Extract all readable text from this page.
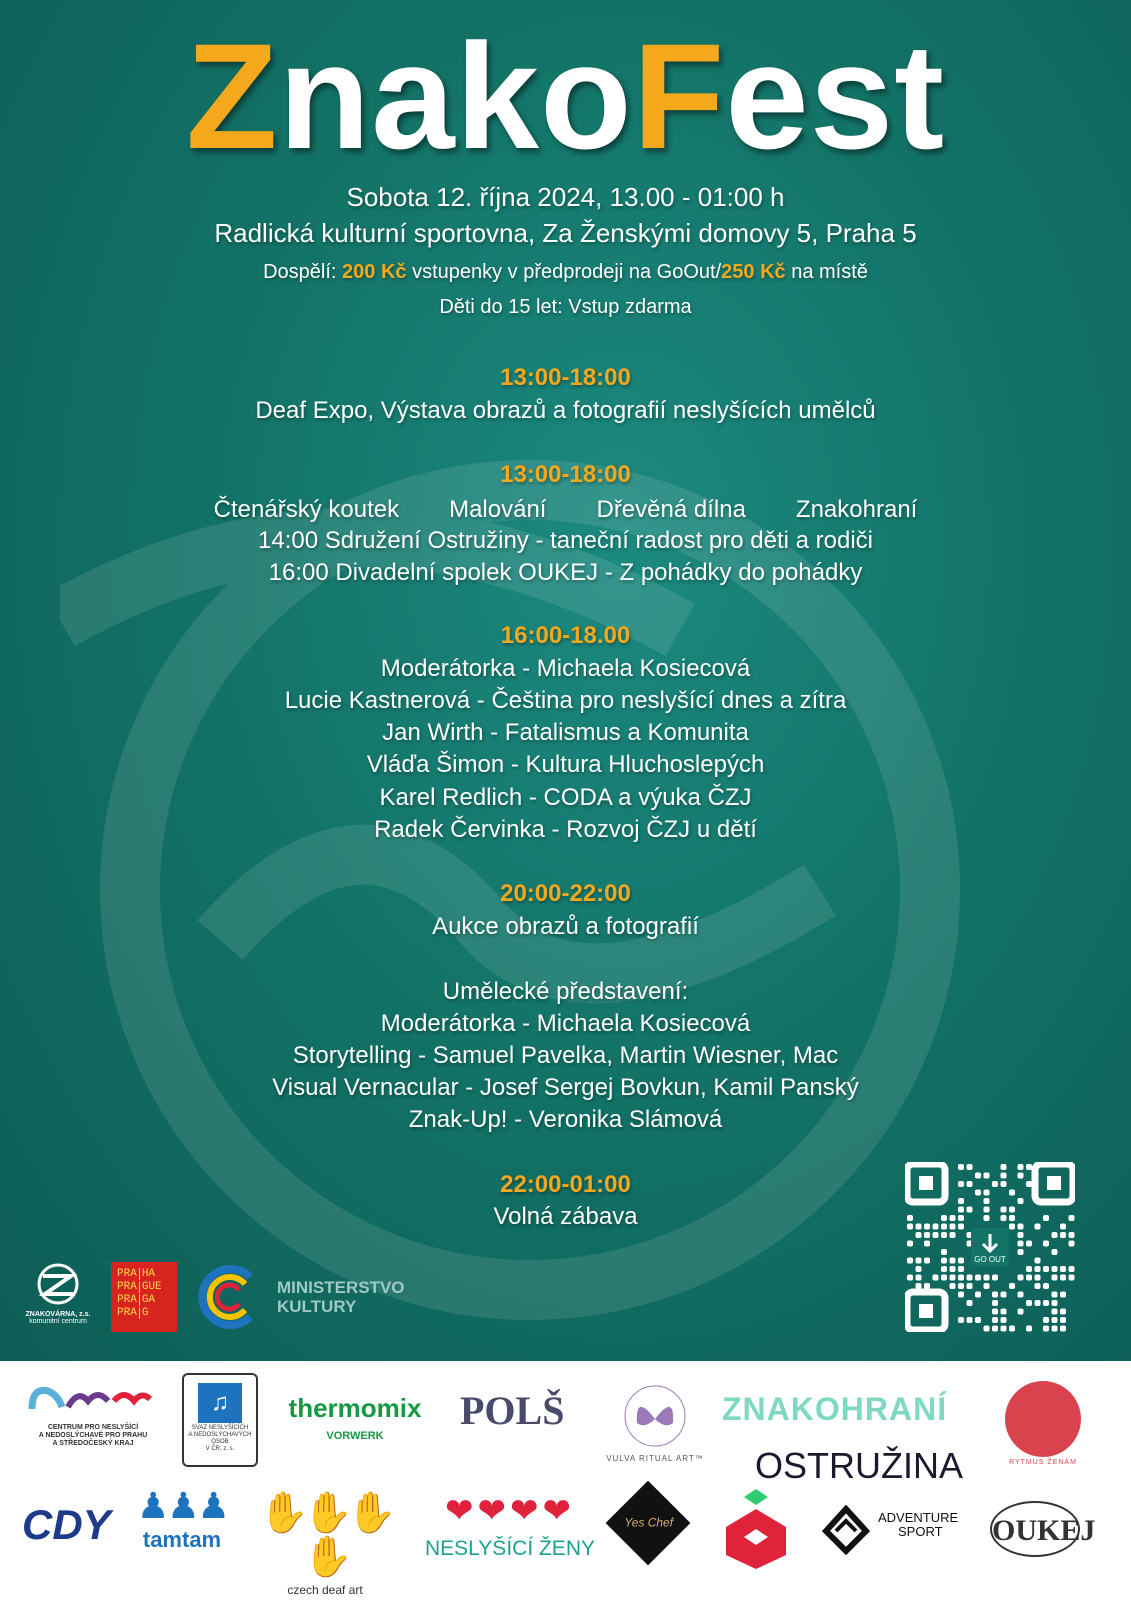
ZnakoFest
Sobota 12. října 2024, 13.00 - 01:00 h
Radlická kulturní sportovna, Za Ženskými domovy 5, Praha 5
Dospělí: 200 Kč vstupenky v předprodeji na GoOut/250 Kč na místě
Děti do 15 let: Vstup zdarma
13:00-18:00
Deaf Expo, Výstava obrazů a fotografií neslyšících umělců
13:00-18:00
Čtenářský koutek Malování Dřevěná dílna Znakohraní
14:00 Sdružení Ostružiny - taneční radost pro děti a rodiči
16:00 Divadelní spolek OUKEJ - Z pohádky do pohádky
16:00-18.00
Moderátorka - Michaela Kosiecová
Lucie Kastnerová - Čeština pro neslyšící dnes a zítra
Jan Wirth - Fatalismus a Komunita
Vláďa Šimon - Kultura Hluchoslepých
Karel Redlich - CODA a výuka ČZJ
Radek Červinka - Rozvoj ČZJ u dětí
20:00-22:00
Aukce obrazů a fotografií
Umělecké představení:
Moderátorka - Michaela Kosiecová
Storytelling - Samuel Pavelka, Martin Wiesner, Mac
Visual Vernacular - Josef Sergej Bovkun, Kamil Panský
Znak-Up! - Veronika Slámová
22:00-01:00
Volná zábava
ZNAKOVÁRNA, z.s.
komunitní centrum
PRA HA
PRA GUE
PRA GA
PRA G
MINISTERSTVO
KULTURY
GO OUT
CENTRUM PRO NESLYŠÍCÍ
A NEDOSLÝCHAVÉ PRO PRAHU
A STŘEDOČESKÝ KRAJ
♫
SVAZ NESLYŠÍCÍCH
A NEDOSLÝCHAVÝCH OSOB
V ČR, z. s.
thermomix
VORWERK
POLŠ
VULVA RITUAL ART™
ZNAKOHRANÍ
OSTRUŽINA	RYTMUS ŽENÁM
CDY ♟♟♟
tamtam
✋✋✋✋
czech deaf art
❤❤❤❤
NESLYŠÍCÍ ŽENY
Yes Chef	ADVENTURE
SPORT	OUKEJ
